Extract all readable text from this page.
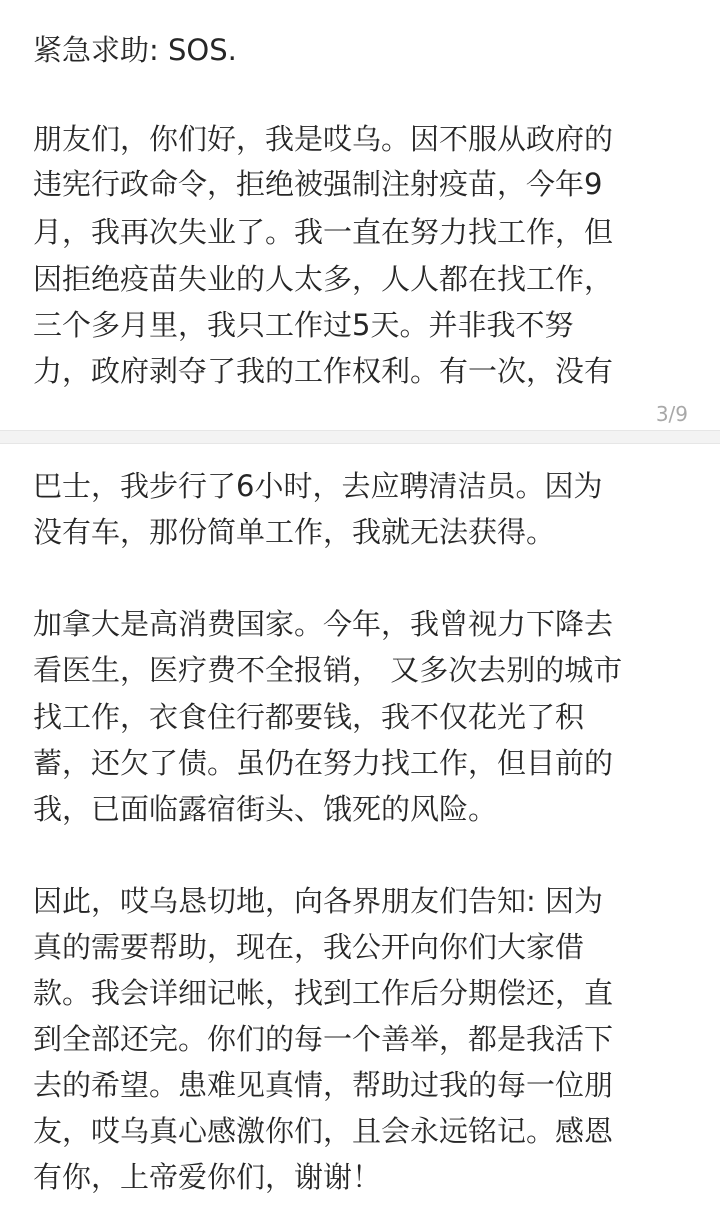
紧急求助: SOS.

朋友们，你们好，我是哎乌。因不服从政府的

违宪行政命令，拒绝被强制注射疫苗，今年9

月，我再次失业了。我一直在努力找工作，但

因拒绝疫苗失业的人太多，人人都在找工作，

三个多月里，我只工作过5天。并非我不努

力，政府剥夺了我的工作权利。有一次，没有

3/9

巴士，我步行了6小时，去应聘清洁员。因为

没有车，那份简单工作，我就无法获得。

加拿大是高消费国家。今年，我曾视力下降去

看医生，医疗费不全报销， 又多次去别的城市

找工作，衣食住行都要钱，我不仅花光了积

蓄，还欠了债。虽仍在努力找工作，但目前的

我，已面临露宿街头、饿死的风险。

因此，哎乌恳切地，向各界朋友们告知: 因为

真的需要帮助，现在，我公开向你们大家借

款。我会详细记帐，找到工作后分期偿还，直

到全部还完。你们的每一个善举，都是我活下

去的希望。患难见真情，帮助过我的每一位朋

友，哎乌真心感激你们，且会永远铭记。感恩

有你，上帝爱你们，谢谢！
